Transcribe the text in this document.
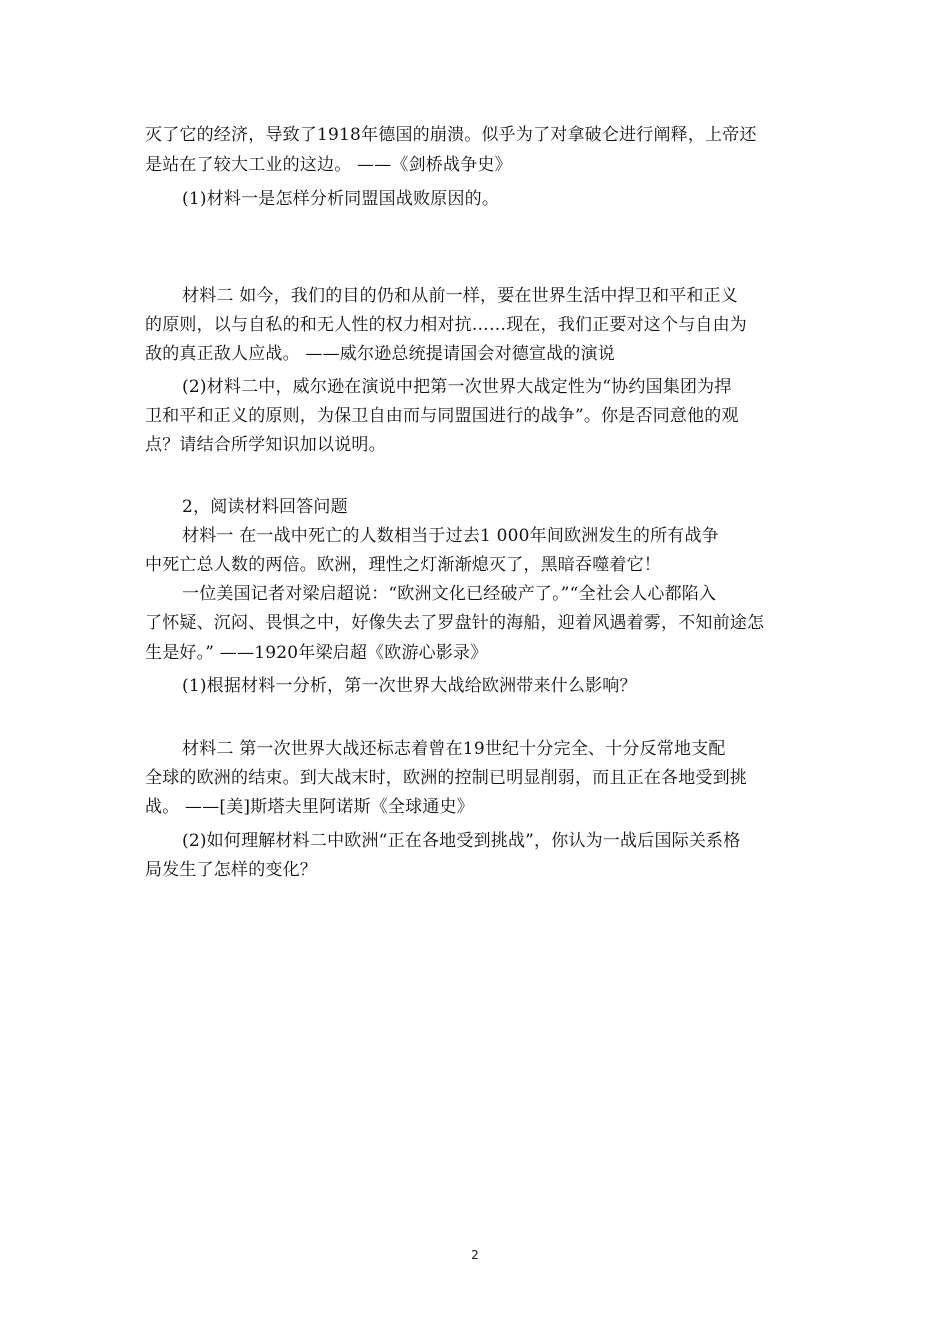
灭了它的经济，导致了1918年德国的崩溃。似乎为了对拿破仑进行阐释，上帝还
是站在了较大工业的这边。 ——《剑桥战争史》
(1)材料一是怎样分析同盟国战败原因的。
材料二 如今，我们的目的仍和从前一样，要在世界生活中捍卫和平和正义
的原则，以与自私的和无人性的权力相对抗……现在，我们正要对这个与自由为
敌的真正敌人应战。 ——威尔逊总统提请国会对德宣战的演说
(2)材料二中，威尔逊在演说中把第一次世界大战定性为“协约国集团为捍
卫和平和正义的原则，为保卫自由而与同盟国进行的战争”。你是否同意他的观
点？请结合所学知识加以说明。
2，阅读材料回答问题
材料一 在一战中死亡的人数相当于过去1 000年间欧洲发生的所有战争
中死亡总人数的两倍。欧洲，理性之灯渐渐熄灭了，黑暗吞噬着它！
一位美国记者对梁启超说：“欧洲文化已经破产了。”“全社会人心都陷入
了怀疑、沉闷、畏惧之中，好像失去了罗盘针的海船，迎着风遇着雾，不知前途怎
生是好。” ——1920年梁启超《欧游心影录》
(1)根据材料一分析，第一次世界大战给欧洲带来什么影响？
材料二 第一次世界大战还标志着曾在19世纪十分完全、十分反常地支配
全球的欧洲的结束。到大战末时，欧洲的控制已明显削弱，而且正在各地受到挑
战。 ——[美]斯塔夫里阿诺斯《全球通史》
(2)如何理解材料二中欧洲“正在各地受到挑战”，你认为一战后国际关系格
局发生了怎样的变化？
2
